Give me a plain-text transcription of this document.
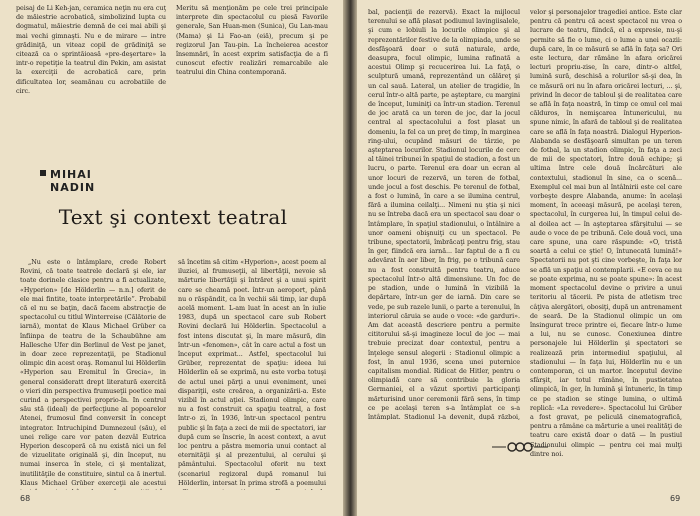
peisaj de Li Keh-jan, ceramica neţin nu era cuţ de măiestrie acrobatică, simbolizind lupta cu dogmatul, măiestrie demnă de cei mai abili şi mai vechi gimnaşti. Nu e de mirare — intre grădiniţă, un viteaz copil de grădiniţă se citează ca o sprintăioasă «pre-deşertare» la intr-o repetiţie la teatrul din Pekin, am asistat la exerciţii de acrobatică care, prin dificultatea lor, seamănau cu acrobatiile de circ.

Meritu să menţionăm pe cele trei principale interprete din spectacolul cu piesă Favorile generale, San Huan-men (Sunica), Gu Lan-mau (Mama) şi Li Fao-an (eiă), precum şi pe regizorul Jan Tau-pin. La încheierea acestor însemnări, în acest exprim satisfacţia de a fi cunoscut efectiv realizări remarcabile ale teatrului din China contemporană.

MIHAI
NADIN
Text şi context teatral

„Nu este o întâmplare, crede Robert Rovini, că toate teatrele declară şi ele, iar toate dorinele clasice pentru a fi actualizate, «Hyperion» [de Hölderlin — n.n.] oferit de ele mai fintite, toate interpretările”. Probabil că el nu se baţin, dacă facem abstracţie de spectacolul cu titlul Winterreise (Călătorie de iarnă), montat de Klaus Michael Grüber ca înfiinpa de teatru de la Schaubühne am Hallesche Ufer din Berlinul de Vest pe janet, in doar zece reprezentaţii, pe Stadionul olimpic din acest oraş. Romanul lui Hölderlin «Hyperion sau Eremitul în Grecia», in general consideratt drept literatură exercită o vieri din perspectiva frumuseţii poetice mai curind a perspectivei proprio-în. In centrul său stă (ideal) de perfecţiune al popoarelor Atenei, frumosul find conversit în concept integrator. Intruchipind Dumnezeul (său), el unei relige care vor paten dezvâl Eutrica Hyperion descoperă că nu există nici un fel de vizuelitate originală şi, din început, nu numai inserca în stele, ci şi mentalizat, inutilităţile de constituire, sintul ca ă inertul. Klaus Michael Grüber exerceţii ale acestui

să încetim să citim «Hyperion», acest poem al iluziei, al frumuseţii, al libertăţii, nevoie să mărturie libertăţii şi întrăret şi a unui spirit care se cheamă poet. într-un aeroport, până nu o răspăndit, ca în vechii săi timp, iar după acelă moment. L-am luat în acest an în iulie 1983, după un spectacol care sub Robert Rovini declară lui Hölderlin. Spectacolul a fost intens discutat şi, în mare măsură, din într-un «fenomen», cât în care actul a fost un început exprimat... Astfel, spectacolul lui Grüber, reprezentat de spaţiu: ideea lui Hölderlin eă se exprimă, nu este vorba totuşi de actul unei părţi a unui eveniment, unei dispariţii, este creărea, a organizării-a. Este vizibil în actul aţiei. Stadionul olimpic, care nu a fost construit ca spaţiu teatral, a fost într-o zi, în 1936, într-un spectacol pentru public şi în faţa a zeci de mii de spectatori, iar după cum se înscrie, în acest context, a avut loc pentru a păstra memoria unui contact al eternităţii şi al prezentului, al cerului şi pământului. Spectacolul oferit nu text (scenariul regizoral după romanul lui Hölderlin, intersat în prima strofă a poemului

68

bal, pacienţii de rezervă). Exact la mijlocul terenului se află plasat podiumul lavingiisalele, şi cum e lobiuli la locurile olimpice şi al reprezentărilor festive de la olimpiada, unde se desfăşoară doar o sută naturale, arde, deasupra, focul olimpic, lumina rafinată a acestui Olimp şi recucerirea lui. La faţă, o sculptură umană, reprezentând un călăreţ şi un cal sauă. Lateral, un atelier de tragidie, în cerul într-o altă parte, pe aşteptare, cu margini de început, luminiţi ca într-un stadion. Terenul de joc arată ca un teren de joc, dar la jocul central al spectacolului a fost plasat un domeniu, la fel ca un preţ de timp, în marginea ring-ului, ocupând măsuri de târzie, pe aşteptarea locurilor. Stadionul locurile de cerc al tăinei tribunei în spaţiul de stadion, a fost un lucru, o parte. Terenul era doar un ecran al unor locuri de rezervă, un teren de fotbal, unde jocul a fost deschis. Pe terenul de fotbal, a fost o lumină, în care a se ilumina centrul, fără a ilumina ceilalţi... Nimeni nu ştia şi nici nu se întreba dacă era un spectacol sau doar o întâmplare, în spaţiul stadionului, o întâlnire a unor oameni obişnuiţi cu un spectacol. Pe tribune, spectatorii, îmbrăcaţi pentru frig, stau în ger, fiindcă era iarnă... Iar faptul de a fi cu adevărat în aer liber, în frig, pe o tribună care nu a fost construită pentru teatru, aduce spectacolul într-o altă dimensiune. Un foc de pe stadion, unde o lumină în vizibilă la depărtare, într-un ger de iarnă. Din care se vede, pe sub razele lunii, o parte a terenului, în interiorul căruia se aude o voce: «de garduri». Am dat această descriere pentru a permite cititorului să-şi imagineze locul de joc — mai trebuie precizat doar contextul, pentru a înţelege sensul alegerii : Stadionul olimpic a fost, în anul 1936, scena unei puternice capitalism mondial. Ridicat de Hitler, pentru o olimpiadă care să contribuie la gloria Germaniei, el a văzut sportivi participanţi mărturisind unor ceremonii fără sens, în timp ce pe acelaşi teren s-a întâmplat ce s-a întâmplat. Stadionul l-a devenit, după război,

velor şi personajelor tragediei antice. Este clar pentru că pentru că acest spectacol nu vrea o lucrare de teatru, fiindcă, el a expresie, nu-şi permite să fie o lume, ci o lume a unei ocazii: după care, în ce măsură se află în faţa sa? Ori este lectura, dar rămâne în afara oricărei lecturi propriu-zise, în care, dintr-o altfel, lumină sură, deschisă a rolurilor să-şi dea, în ce măsură ori nu în afara oricărei lecturi, ... şi, privind în decor de tabloul şi de realitatea care se află în faţa noastră, în timp ce omul cel mai călduros, în nemişcarea întunericului, nu spune nimic, în afară de tabloul şi de realitatea care se află în faţa noastră. Dialogul Hyperion-Alabanda se desfăşoară simultan pe un teren de fotbal, la un stadion olimpic, în faţa a zeci de mii de spectatori, între două echipe; şi ultima între cele două încărcături ale contextului, stadionul în sine, ca o scenă... Exemplul cel mai bun al întâlnirii este cel care vorbeşte despre Alabanda, anume: în acelaşi moment, în aceeaşi măsură, pe acelaşi teren, spectacolul, în curgerea lui, în timpul celui de-al doilea act — în aşteptarea sfârşitului — se aude o voce de pe tribună. Cele două voci, una care spune, una care răspunde: «O, tristă soartă a celui ce ştie! O, întunecată lumină!» Spectatorii nu pot şti cine vorbeşte, în faţa lor se află un spaţiu al contemplarii. «E ceva ce nu se poate exprima, nu se poate spune»: în acest moment spectacolul devine o privire a unui teritoriu al tăcerii. Pe pista de atletism trec câţiva alergători, obosiţi, după un antrenament de seară. De la Stadionul olimpic un om însingurat trece printre ei, fiecare într-o lume a lui, nu se cunosc. Conexiunea dintre personajele lui Hölderlin şi spectatori se realizează prin intermediul spaţiului, al stadionului — în faţa lui, Hölderlin nu e un contemporan, ci un martor. începutul devine sfârşit, iar totul rămâne, în pustietatea olimpică, în ger, în lumină şi întuneric, în timp ce pe stadion se stinge lumina, o ultimă replică: «La revedere». Spectacolul lui Grüber a fost gravat, pe peliculă cinematografică, pentru a rămâne ca mărturie a unei realităţi de teatru care există doar o dată — în pustiul Stadionului olimpic — pentru cei mai mulţi dintre noi.

69
